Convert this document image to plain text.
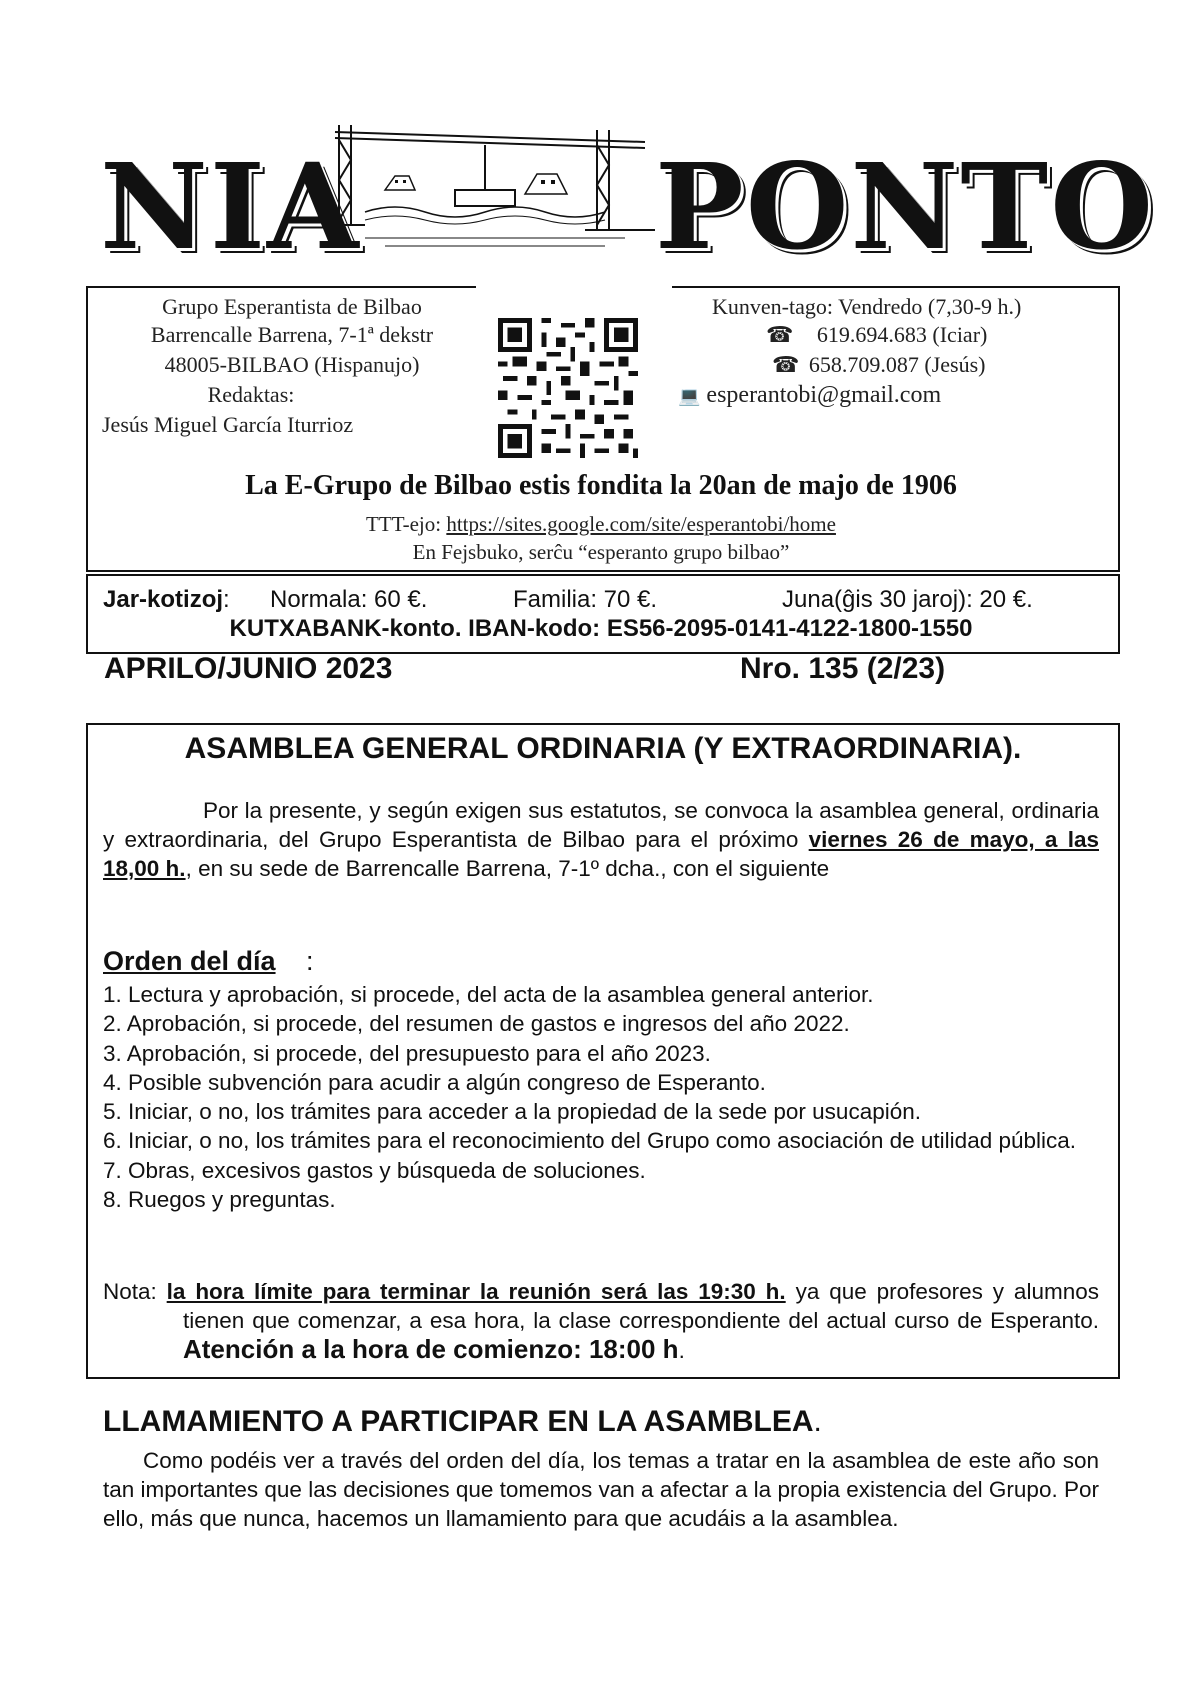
NIA PONTO
Grupo Esperantista de Bilbao
Barrencalle Barrena, 7-1ª dekstr
48005-BILBAO (Hispanujo)
Redaktas:
Jesús Miguel García Iturrioz
Kunven-tago: Vendredo (7,30-9 h.)
☎ 619.694.683 (Iciar)
☎ 658.709.087 (Jesús)
💻 esperantobi@gmail.com
La E-Grupo de Bilbao estis fondita la 20an de majo de 1906
TTT-ejo: https://sites.google.com/site/esperantobi/home
En Fejsbuko, serĉu “esperanto grupo bilbao”
Jar-kotizoj: Normala: 60 €.	Familia: 70 €.	Juna(ĝis 30 jaroj): 20 €.
KUTXABANK-konto. IBAN-kodo: ES56-2095-0141-4122-1800-1550
APRILO/JUNIO 2023	Nro. 135 (2/23)
ASAMBLEA GENERAL ORDINARIA (Y EXTRAORDINARIA).
Por la presente, y según exigen sus estatutos, se convoca la asamblea general, ordinaria y extraordinaria, del Grupo Esperantista de Bilbao para el próximo viernes 26 de mayo, a las 18,00 h., en su sede de Barrencalle Barrena, 7-1º dcha., con el siguiente
Orden del día :
1. Lectura y aprobación, si procede, del acta de la asamblea general anterior.
2. Aprobación, si procede, del resumen de gastos e ingresos del año 2022.
3. Aprobación, si procede, del presupuesto para el año 2023.
4. Posible subvención para acudir a algún congreso de Esperanto.
5. Iniciar, o no, los trámites para acceder a la propiedad de la sede por usucapión.
6. Iniciar, o no, los trámites para el reconocimiento del Grupo como asociación de utilidad pública.
7. Obras, excesivos gastos y búsqueda de soluciones.
8. Ruegos y preguntas.
Nota: la hora límite para terminar la reunión será las 19:30 h. ya que profesores y alumnos tienen que comenzar, a esa hora, la clase correspondiente del actual curso de Esperanto. Atención a la hora de comienzo: 18:00 h.
LLAMAMIENTO A PARTICIPAR EN LA ASAMBLEA.
Como podéis ver a través del orden del día, los temas a tratar en la asamblea de este año son tan importantes que las decisiones que tomemos van a afectar a la propia existencia del Grupo. Por ello, más que nunca, hacemos un llamamiento para que acudáis a la asamblea.
